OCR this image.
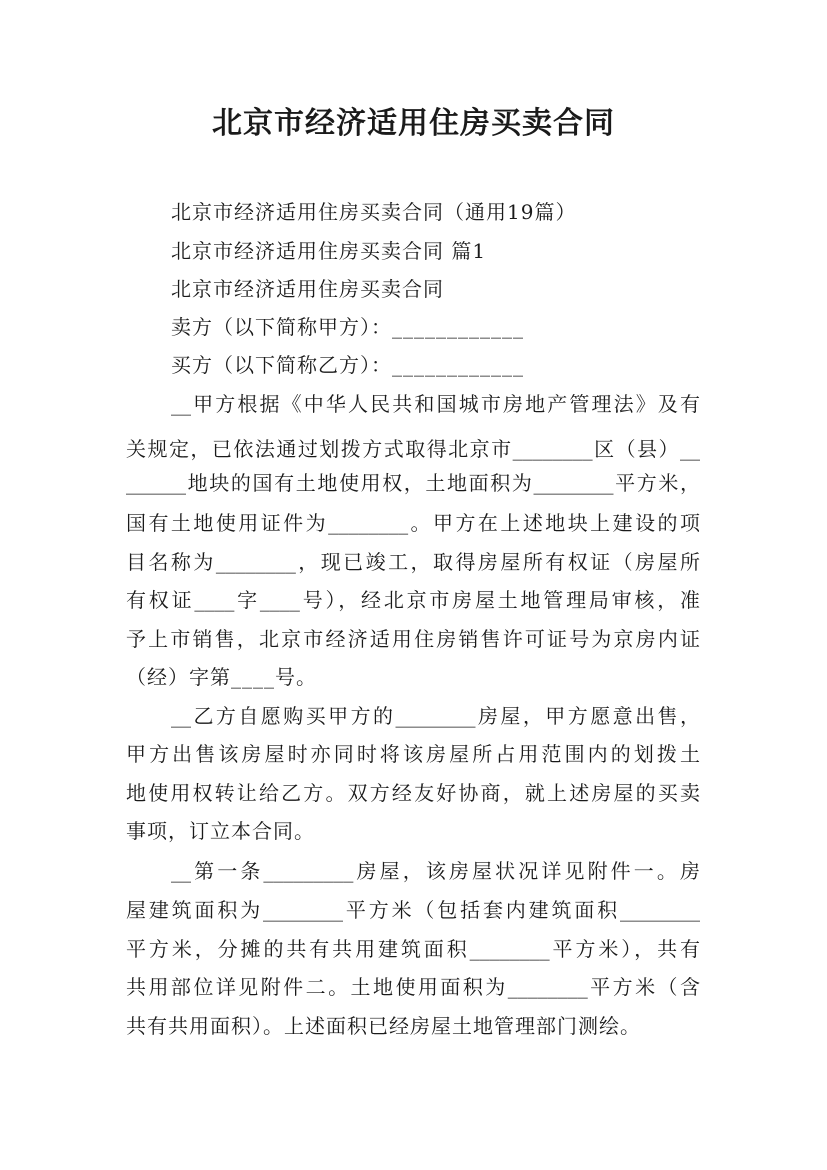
北京市经济适用住房买卖合同
北京市经济适用住房买卖合同（通用19篇）
北京市经济适用住房买卖合同 篇1
北京市经济适用住房买卖合同
卖方（以下简称甲方）：____________
买方（以下简称乙方）：____________
__甲方根据《中华人民共和国城市房地产管理法》及有
关规定，已依法通过划拨方式取得北京市________区（县）__
______地块的国有土地使用权，土地面积为________平方米，
国有土地使用证件为________。甲方在上述地块上建设的项
目名称为________，现已竣工，取得房屋所有权证（房屋所
有权证____字____号），经北京市房屋土地管理局审核，准
予上市销售，北京市经济适用住房销售许可证号为京房内证
（经）字第____号。
__乙方自愿购买甲方的________房屋，甲方愿意出售，
甲方出售该房屋时亦同时将该房屋所占用范围内的划拨土
地使用权转让给乙方。双方经友好协商，就上述房屋的买卖
事项，订立本合同。
__第一条_________房屋，该房屋状况详见附件一。房
屋建筑面积为________平方米（包括套内建筑面积________
平方米，分摊的共有共用建筑面积________平方米），共有
共用部位详见附件二。土地使用面积为________平方米（含
共有共用面积）。上述面积已经房屋土地管理部门测绘。
